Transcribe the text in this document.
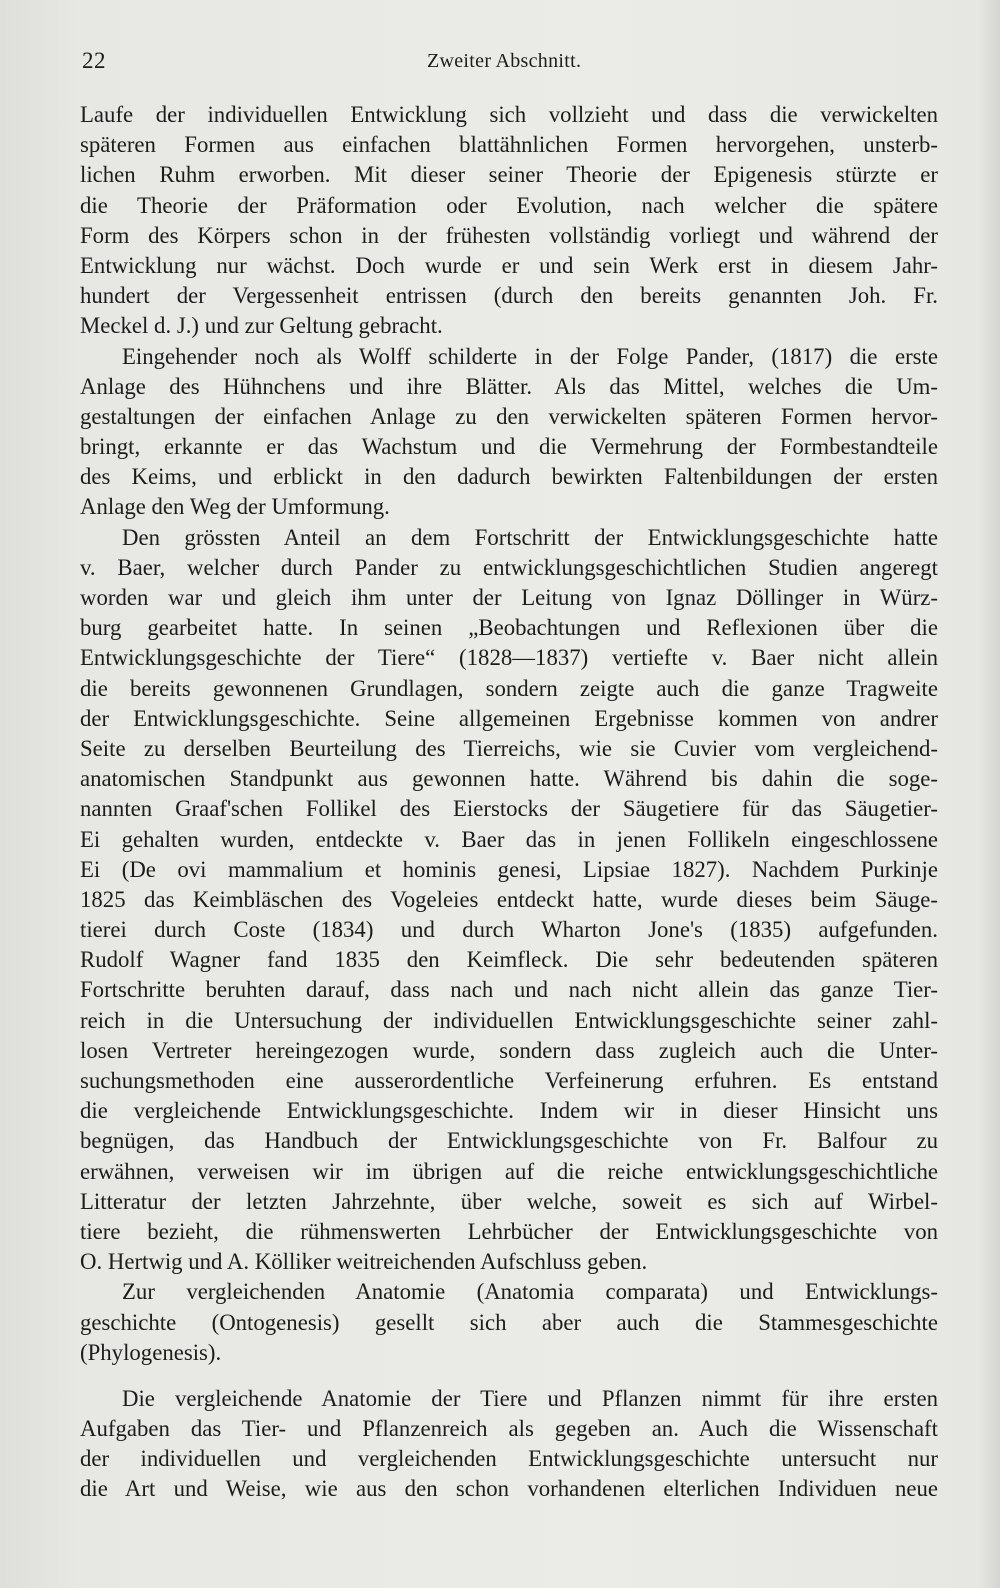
22	Zweiter Abschnitt.
Laufe der individuellen Entwicklung sich vollzieht und dass die verwickelten
späteren Formen aus einfachen blattähnlichen Formen hervorgehen, unsterb-
lichen Ruhm erworben. Mit dieser seiner Theorie der Epigenesis stürzte er
die Theorie der Präformation oder Evolution, nach welcher die spätere
Form des Körpers schon in der frühesten vollständig vorliegt und während der
Entwicklung nur wächst. Doch wurde er und sein Werk erst in diesem Jahr-
hundert der Vergessenheit entrissen (durch den bereits genannten Joh. Fr.
Meckel d. J.) und zur Geltung gebracht.
Eingehender noch als Wolff schilderte in der Folge Pander, (1817) die erste
Anlage des Hühnchens und ihre Blätter. Als das Mittel, welches die Um-
gestaltungen der einfachen Anlage zu den verwickelten späteren Formen hervor-
bringt, erkannte er das Wachstum und die Vermehrung der Formbestandteile
des Keims, und erblickt in den dadurch bewirkten Faltenbildungen der ersten
Anlage den Weg der Umformung.
Den grössten Anteil an dem Fortschritt der Entwicklungsgeschichte hatte
v. Baer, welcher durch Pander zu entwicklungsgeschichtlichen Studien angeregt
worden war und gleich ihm unter der Leitung von Ignaz Döllinger in Würz-
burg gearbeitet hatte. In seinen „Beobachtungen und Reflexionen über die
Entwicklungsgeschichte der Tiere“ (1828—1837) vertiefte v. Baer nicht allein
die bereits gewonnenen Grundlagen, sondern zeigte auch die ganze Tragweite
der Entwicklungsgeschichte. Seine allgemeinen Ergebnisse kommen von andrer
Seite zu derselben Beurteilung des Tierreichs, wie sie Cuvier vom vergleichend-
anatomischen Standpunkt aus gewonnen hatte. Während bis dahin die soge-
nannten Graaf'schen Follikel des Eierstocks der Säugetiere für das Säugetier-
Ei gehalten wurden, entdeckte v. Baer das in jenen Follikeln eingeschlossene
Ei (De ovi mammalium et hominis genesi, Lipsiae 1827). Nachdem Purkinje
1825 das Keimbläschen des Vogeleies entdeckt hatte, wurde dieses beim Säuge-
tierei durch Coste (1834) und durch Wharton Jone's (1835) aufgefunden.
Rudolf Wagner fand 1835 den Keimfleck. Die sehr bedeutenden späteren
Fortschritte beruhten darauf, dass nach und nach nicht allein das ganze Tier-
reich in die Untersuchung der individuellen Entwicklungsgeschichte seiner zahl-
losen Vertreter hereingezogen wurde, sondern dass zugleich auch die Unter-
suchungsmethoden eine ausserordentliche Verfeinerung erfuhren. Es entstand
die vergleichende Entwicklungsgeschichte. Indem wir in dieser Hinsicht uns
begnügen, das Handbuch der Entwicklungsgeschichte von Fr. Balfour zu
erwähnen, verweisen wir im übrigen auf die reiche entwicklungsgeschichtliche
Litteratur der letzten Jahrzehnte, über welche, soweit es sich auf Wirbel-
tiere bezieht, die rühmenswerten Lehrbücher der Entwicklungsgeschichte von
O. Hertwig und A. Kölliker weitreichenden Aufschluss geben.
Zur vergleichenden Anatomie (Anatomia comparata) und Entwicklungs-
geschichte (Ontogenesis) gesellt sich aber auch die Stammesgeschichte
(Phylogenesis).
Die vergleichende Anatomie der Tiere und Pflanzen nimmt für ihre ersten
Aufgaben das Tier- und Pflanzenreich als gegeben an. Auch die Wissenschaft
der individuellen und vergleichenden Entwicklungsgeschichte untersucht nur
die Art und Weise, wie aus den schon vorhandenen elterlichen Individuen neue
